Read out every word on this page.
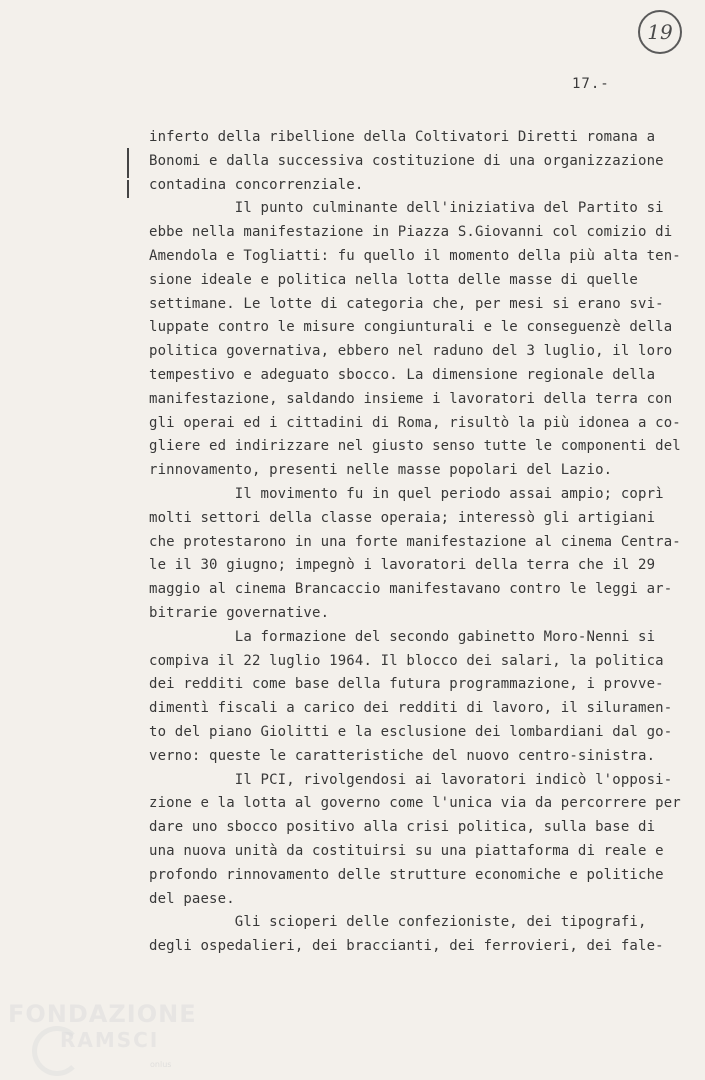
19
17.-
inferto della ribellione della Coltivatori Diretti romana a
Bonomi e dalla successiva costituzione di una organizzazione
contadina concorrenziale.
Il punto culminante dell'iniziativa del Partito si
ebbe nella manifestazione in Piazza S.Giovanni col comizio di
Amendola e Togliatti: fu quello il momento della più alta ten-
sione ideale e politica nella lotta delle masse di quelle
settimane. Le lotte di categoria che, per mesi si erano svi-
luppate contro le misure congiunturali e le conseguenzè della
politica governativa, ebbero nel raduno del 3 luglio, il loro
tempestivo e adeguato sbocco. La dimensione regionale della
manifestazione, saldando insieme i lavoratori della terra con
gli operai ed i cittadini di Roma, risultò la più idonea a co-
gliere ed indirizzare nel giusto senso tutte le componenti del
rinnovamento, presenti nelle masse popolari del Lazio.
Il movimento fu in quel periodo assai ampio; coprì
molti settori della classe operaia; interessò gli artigiani
che protestarono in una forte manifestazione al cinema Centra-
le il 30 giugno; impegnò i lavoratori della terra che il 29
maggio al cinema Brancaccio manifestavano contro le leggi ar-
bitrarie governative.
La formazione del secondo gabinetto Moro-Nenni si
compiva il 22 luglio 1964. Il blocco dei salari, la politica
dei redditi come base della futura programmazione, i provve-
dimentì fiscali a carico dei redditi di lavoro, il siluramen-
to del piano Giolitti e la esclusione dei lombardiani dal go-
verno: queste le caratteristiche del nuovo centro-sinistra.
Il PCI, rivolgendosi ai lavoratori indicò l'opposi-
zione e la lotta al governo come l'unica via da percorrere per
dare uno sbocco positivo alla crisi politica, sulla base di
una nuova unità da costituirsi su una piattaforma di reale e
profondo rinnovamento delle strutture economiche e politiche
del paese.
Gli scioperi delle confezioniste, dei tipografi,
degli ospedalieri, dei braccianti, dei ferrovieri, dei fale-
FONDAZIONE
RAMSCI
onlus
